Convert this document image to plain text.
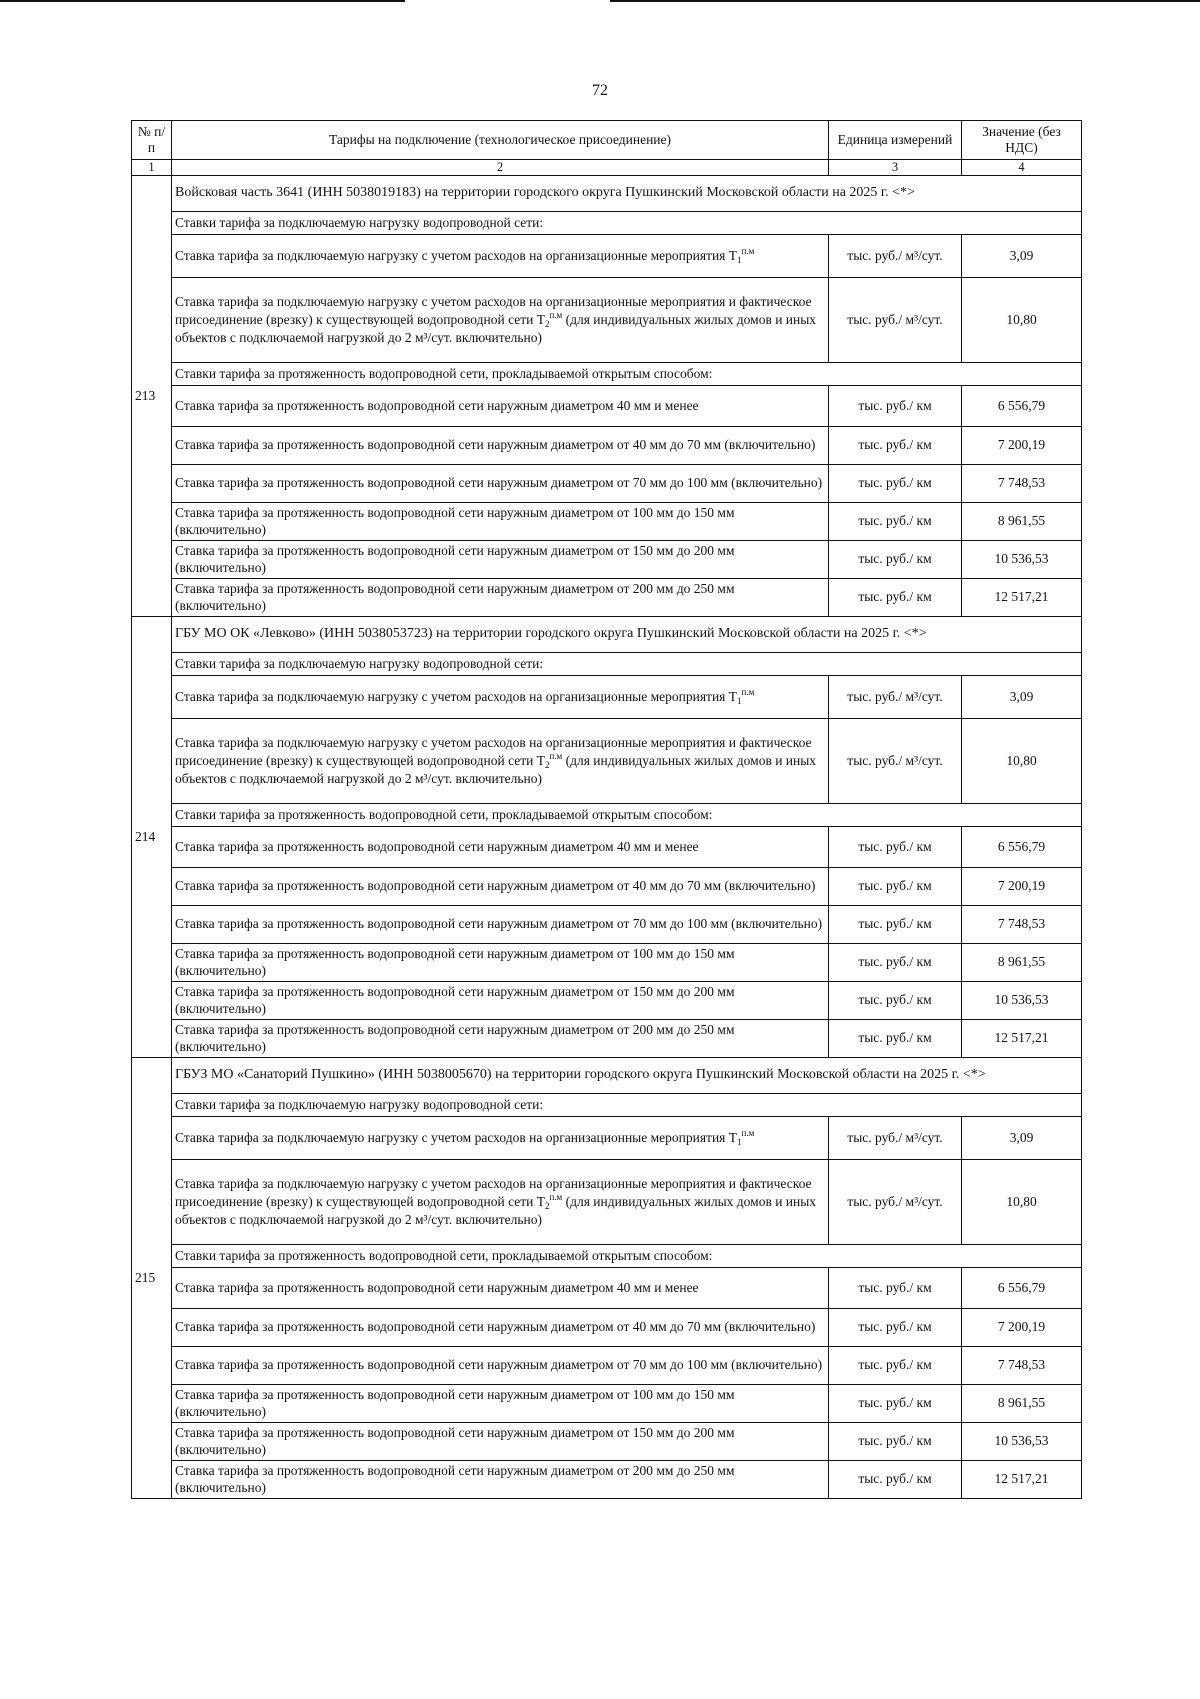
72
№ п/п	Тарифы на подключение (технологическое присоединение)	Единица измерений	Значение (без НДС)
1	2	3	4
213	Войсковая часть 3641 (ИНН 5038019183) на территории городского округа Пушкинский Московской области на 2025 г. <*>		
	Ставки тарифа за подключаемую нагрузку водопроводной сети:		
	Ставка тарифа за подключаемую нагрузку с учетом расходов на организационные мероприятия $T_1^{п.м}$	тыс. руб./ м³/сут.	3,09
	Ставка тарифа за подключаемую нагрузку с учетом расходов на организационные мероприятия и фактическое присоединение (врезку) к существующей водопроводной сети $T_2^{п.м}$ (для индивидуальных жилых домов и иных объектов с подключаемой нагрузкой до 2 м³/сут. включительно)	тыс. руб./ м³/сут.	10,80
	Ставки тарифа за протяженность водопроводной сети, прокладываемой открытым способом:		
	Ставка тарифа за протяженность водопроводной сети наружным диаметром 40 мм и менее	тыс. руб./ км	6 556,79
	Ставка тарифа за протяженность водопроводной сети наружным диаметром от 40 мм до 70 мм (включительно)	тыс. руб./ км	7 200,19
	Ставка тарифа за протяженность водопроводной сети наружным диаметром от 70 мм до 100 мм (включительно)	тыс. руб./ км	7 748,53
	Ставка тарифа за протяженность водопроводной сети наружным диаметром от 100 мм до 150 мм (включительно)	тыс. руб./ км	8 961,55
	Ставка тарифа за протяженность водопроводной сети наружным диаметром от 150 мм до 200 мм (включительно)	тыс. руб./ км	10 536,53
	Ставка тарифа за протяженность водопроводной сети наружным диаметром от 200 мм до 250 мм (включительно)	тыс. руб./ км	12 517,21
214	ГБУ МО ОК «Левково» (ИНН 5038053723) на территории городского округа Пушкинский Московской области на 2025 г. <*>		
	Ставки тарифа за подключаемую нагрузку водопроводной сети:		
	Ставка тарифа за подключаемую нагрузку с учетом расходов на организационные мероприятия $T_1^{п.м}$	тыс. руб./ м³/сут.	3,09
	Ставка тарифа за подключаемую нагрузку с учетом расходов на организационные мероприятия и фактическое присоединение (врезку) к существующей водопроводной сети $T_2^{п.м}$ (для индивидуальных жилых домов и иных объектов с подключаемой нагрузкой до 2 м³/сут. включительно)	тыс. руб./ м³/сут.	10,80
	Ставки тарифа за протяженность водопроводной сети, прокладываемой открытым способом:		
	Ставка тарифа за протяженность водопроводной сети наружным диаметром 40 мм и менее	тыс. руб./ км	6 556,79
	Ставка тарифа за протяженность водопроводной сети наружным диаметром от 40 мм до 70 мм (включительно)	тыс. руб./ км	7 200,19
	Ставка тарифа за протяженность водопроводной сети наружным диаметром от 70 мм до 100 мм (включительно)	тыс. руб./ км	7 748,53
	Ставка тарифа за протяженность водопроводной сети наружным диаметром от 100 мм до 150 мм (включительно)	тыс. руб./ км	8 961,55
	Ставка тарифа за протяженность водопроводной сети наружным диаметром от 150 мм до 200 мм (включительно)	тыс. руб./ км	10 536,53
	Ставка тарифа за протяженность водопроводной сети наружным диаметром от 200 мм до 250 мм (включительно)	тыс. руб./ км	12 517,21
215	ГБУЗ МО «Санаторий Пушкино» (ИНН 5038005670) на территории городского округа Пушкинский Московской области на 2025 г. <*>		
	Ставки тарифа за подключаемую нагрузку водопроводной сети:		
	Ставка тарифа за подключаемую нагрузку с учетом расходов на организационные мероприятия $T_1^{п.м}$	тыс. руб./ м³/сут.	3,09
	Ставка тарифа за подключаемую нагрузку с учетом расходов на организационные мероприятия и фактическое присоединение (врезку) к существующей водопроводной сети $T_2^{п.м}$ (для индивидуальных жилых домов и иных объектов с подключаемой нагрузкой до 2 м³/сут. включительно)	тыс. руб./ м³/сут.	10,80
	Ставки тарифа за протяженность водопроводной сети, прокладываемой открытым способом:		
	Ставка тарифа за протяженность водопроводной сети наружным диаметром 40 мм и менее	тыс. руб./ км	6 556,79
	Ставка тарифа за протяженность водопроводной сети наружным диаметром от 40 мм до 70 мм (включительно)	тыс. руб./ км	7 200,19
	Ставка тарифа за протяженность водопроводной сети наружным диаметром от 70 мм до 100 мм (включительно)	тыс. руб./ км	7 748,53
	Ставка тарифа за протяженность водопроводной сети наружным диаметром от 100 мм до 150 мм (включительно)	тыс. руб./ км	8 961,55
	Ставка тарифа за протяженность водопроводной сети наружным диаметром от 150 мм до 200 мм (включительно)	тыс. руб./ км	10 536,53
	Ставка тарифа за протяженность водопроводной сети наружным диаметром от 200 мм до 250 мм (включительно)	тыс. руб./ км	12 517,21
